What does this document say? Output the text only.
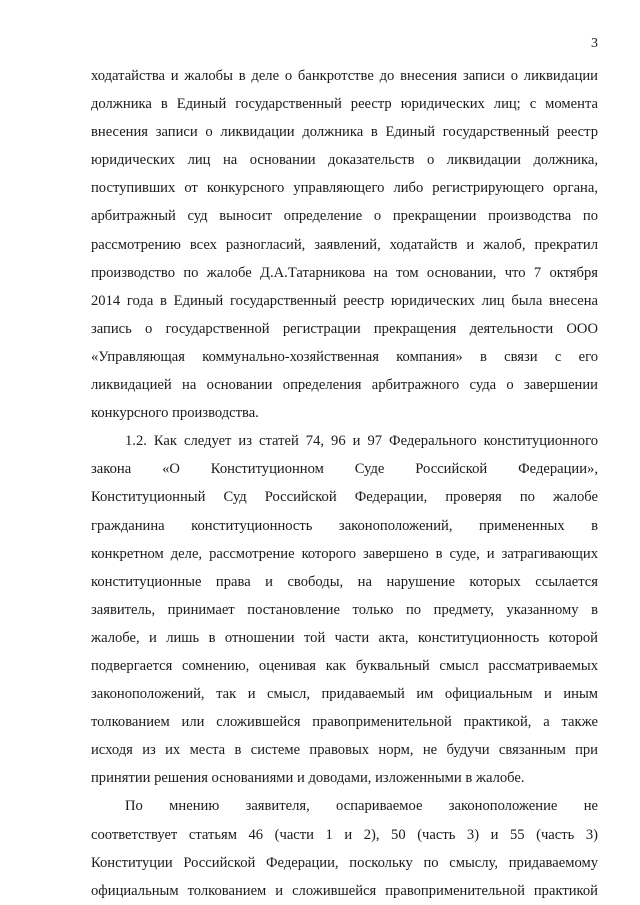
3
ходатайства и жалобы в деле о банкротстве до внесения записи о ликвидации
должника в Единый государственный реестр юридических лиц; с момента
внесения записи о ликвидации должника в Единый государственный реестр
юридических лиц на основании доказательств о ликвидации должника,
поступивших от конкурсного управляющего либо регистрирующего органа,
арбитражный суд выносит определение о прекращении производства по
рассмотрению всех разногласий, заявлений, ходатайств и жалоб, прекратил
производство по жалобе Д.А.Татарникова на том основании, что 7 октября
2014 года в Единый государственный реестр юридических лиц была внесена
запись о государственной регистрации прекращения деятельности ООО
«Управляющая коммунально-хозяйственная компания» в связи с его
ликвидацией на основании определения арбитражного суда о завершении
конкурсного производства.
1.2. Как следует из статей 74, 96 и 97 Федерального конституционного
закона «О Конституционном Суде Российской Федерации»,
Конституционный Суд Российской Федерации, проверяя по жалобе
гражданина конституционность законоположений, примененных в
конкретном деле, рассмотрение которого завершено в суде, и затрагивающих
конституционные права и свободы, на нарушение которых ссылается
заявитель, принимает постановление только по предмету, указанному в
жалобе, и лишь в отношении той части акта, конституционность которой
подвергается сомнению, оценивая как буквальный смысл рассматриваемых
законоположений, так и смысл, придаваемый им официальным и иным
толкованием или сложившейся правоприменительной практикой, а также
исходя из их места в системе правовых норм, не будучи связанным при
принятии решения основаниями и доводами, изложенными в жалобе.
По мнению заявителя, оспариваемое законоположение не
соответствует статьям 46 (части 1 и 2), 50 (часть 3) и 55 (часть 3)
Конституции Российской Федерации, поскольку по смыслу, придаваемому
официальным толкованием и сложившейся правоприменительной практикой
